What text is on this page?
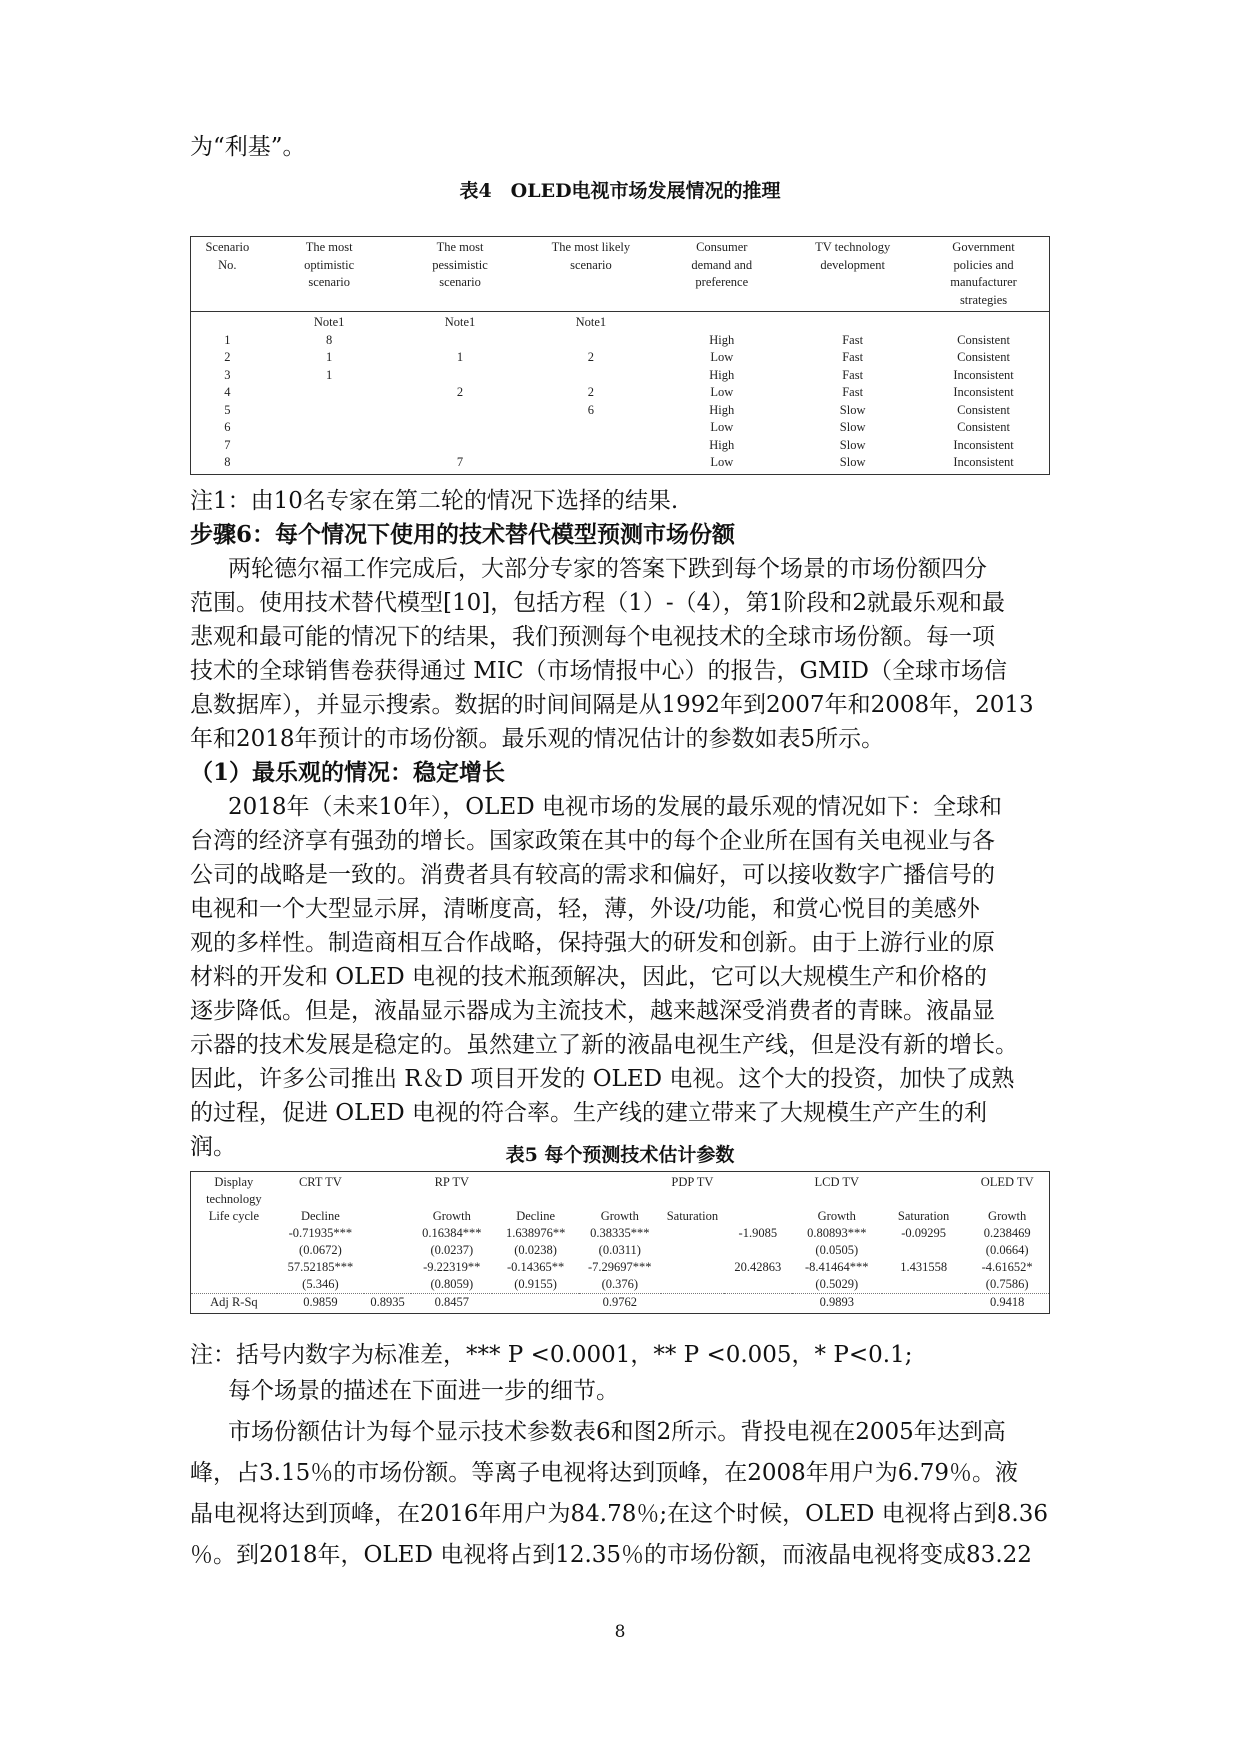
为“利基”。
表4　OLED电视市场发展情况的推理
Scenario
No.	The most
optimistic
scenario	The most
pessimistic
scenario	The most likely
scenario	Consumer
demand and
preference	TV technology
development	Government
policies and
manufacturer
strategies
	Note1	Note1	Note1			
1	8			High	Fast	Consistent
2	1	1	2	Low	Fast	Consistent
3	1			High	Fast	Inconsistent
4		2	2	Low	Fast	Inconsistent
5			6	High	Slow	Consistent
6				Low	Slow	Consistent
7				High	Slow	Inconsistent
8		7		Low	Slow	Inconsistent
注1：由10名专家在第二轮的情况下选择的结果.
步骤6：每个情况下使用的技术替代模型预测市场份额
两轮德尔福工作完成后，大部分专家的答案下跌到每个场景的市场份额四分
范围。使用技术替代模型[10]，包括方程（1）-（4），第1阶段和2就最乐观和最
悲观和最可能的情况下的结果，我们预测每个电视技术的全球市场份额。每一项
技术的全球销售卷获得通过 MIC（市场情报中心）的报告，GMID（全球市场信
息数据库），并显示搜索。数据的时间间隔是从1992年到2007年和2008年，2013
年和2018年预计的市场份额。最乐观的情况估计的参数如表5所示。
（1）最乐观的情况：稳定增长
2018年（未来10年），OLED 电视市场的发展的最乐观的情况如下：全球和
台湾的经济享有强劲的增长。国家政策在其中的每个企业所在国有关电视业与各
公司的战略是一致的。消费者具有较高的需求和偏好，可以接收数字广播信号的
电视和一个大型显示屏，清晰度高，轻，薄，外设/功能，和赏心悦目的美感外
观的多样性。制造商相互合作战略，保持强大的研发和创新。由于上游行业的原
材料的开发和 OLED 电视的技术瓶颈解决，因此，它可以大规模生产和价格的
逐步降低。但是，液晶显示器成为主流技术，越来越深受消费者的青睐。液晶显
示器的技术发展是稳定的。虽然建立了新的液晶电视生产线，但是没有新的增长。
因此，许多公司推出 R＆D 项目开发的 OLED 电视。这个大的投资，加快了成熟
的过程，促进 OLED 电视的符合率。生产线的建立带来了大规模生产产生的利
润。	表5 每个预测技术估计参数
Display	CRT TV		RP TV			PDP TV		LCD TV		OLED TV
technology										
Life cycle	Decline		Growth	Decline	Growth	Saturation		Growth	Saturation	Growth
	-0.71935***		0.16384***	1.638976**	0.38335***		-1.9085	0.80893***	-0.09295	0.238469
	(0.0672)		(0.0237)	(0.0238)	(0.0311)			(0.0505)		(0.0664)
	57.52185***		-9.22319**	-0.14365**	-7.29697***		20.42863	-8.41464***	1.431558	-4.61652*
	(5.346)		(0.8059)	(0.9155)	(0.376)			(0.5029)		(0.7586)
Adj R-Sq	0.9859	0.8935	0.8457		0.9762			0.9893		0.9418
注：括号内数字为标准差，*** P <0.0001，** P <0.005，* P<0.1;
每个场景的描述在下面进一步的细节。
市场份额估计为每个显示技术参数表6和图2所示。背投电视在2005年达到高
峰，占3.15％的市场份额。等离子电视将达到顶峰，在2008年用户为6.79％。液
晶电视将达到顶峰，在2016年用户为84.78％;在这个时候，OLED 电视将占到8.36
％。到2018年，OLED 电视将占到12.35％的市场份额，而液晶电视将变成83.22
8
